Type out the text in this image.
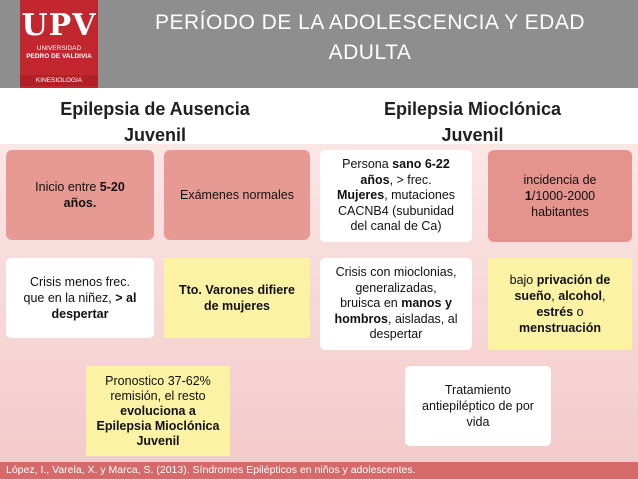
UPV
UNIVERSIDAD
PEDRO DE VALDIVIA
KINESIOLOGIA
PERÍODO DE LA ADOLESCENCIA Y EDAD
ADULTA
Epilepsia de Ausencia
Juvenil
Epilepsia Mioclónica
Juvenil
Inicio entre 5-20
años.
Exámenes normales
Crisis menos frec.
que en la niñez, > al
despertar
Tto. Varones difiere
de mujeres
Pronostico 37-62%
remisión, el resto
evoluciona a
Epilepsia Mioclónica
Juvenil
Persona sano 6-22
años, > frec.
Mujeres, mutaciones
CACNB4 (subunidad
del canal de Ca)
incidencia de
1/1000-2000
habitantes
Crisis con mioclonias,
generalizadas,
bruisca en manos y
hombros, aisladas, al
despertar
bajo privación de
sueño, alcohol,
estrés o
menstruación
Tratamiento
antiepiléptico de por
vida
López, I., Varela, X. y Marca, S. (2013). Síndromes Epilépticos en niños y adolescentes.
